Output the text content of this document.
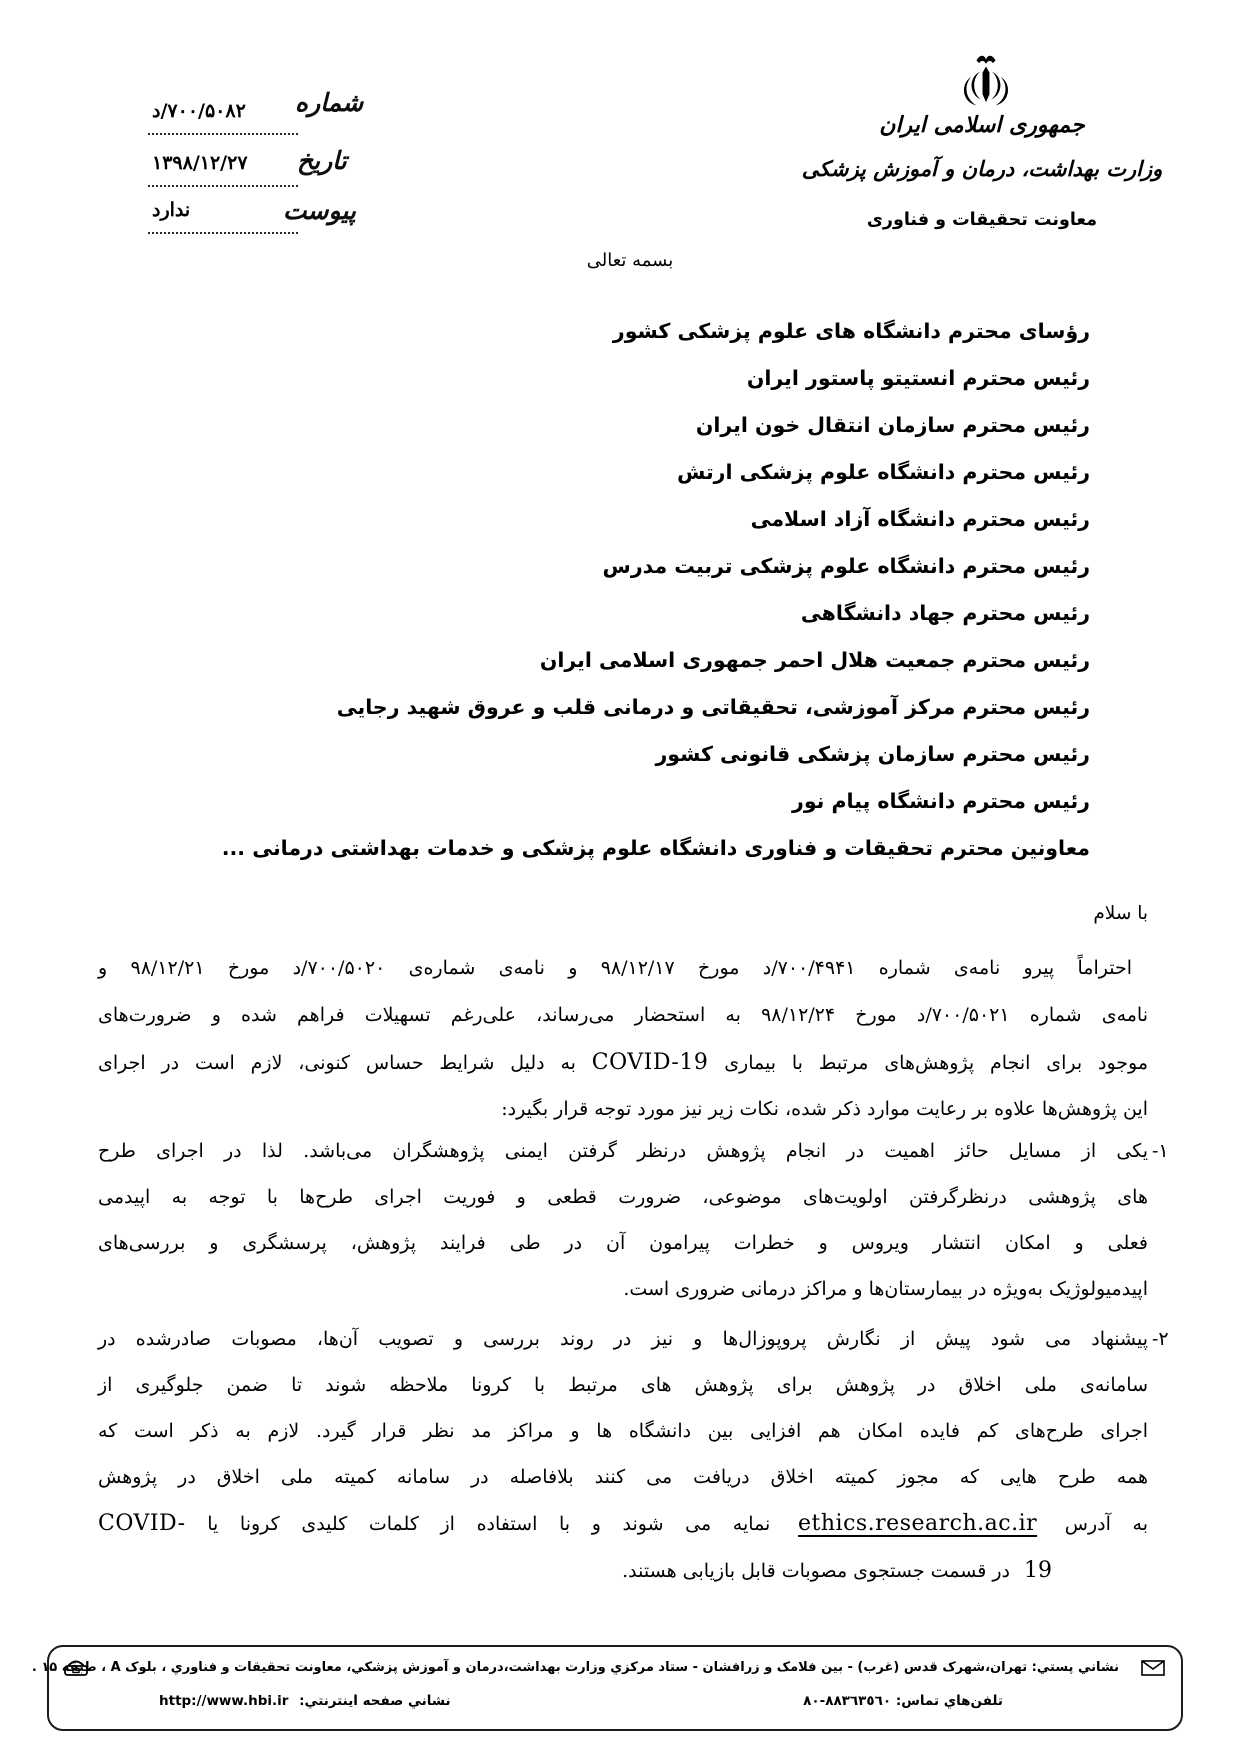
شماره
۷۰۰/۵۰۸۲/د
تاریخ
۱۳۹۸/۱۲/۲۷
پیوست
ندارد
جمهوری اسلامی ایران
وزارت بهداشت، درمان و آموزش پزشکی
معاونت تحقیقات و فناوری
بسمه تعالی
رؤسای محترم دانشگاه های علوم پزشکی کشور
رئیس محترم انستیتو پاستور ایران
رئیس محترم سازمان انتقال خون ایران
رئیس محترم دانشگاه علوم پزشکی ارتش
رئیس محترم دانشگاه آزاد اسلامی
رئیس محترم دانشگاه علوم پزشکی تربیت مدرس
رئیس محترم جهاد دانشگاهی
رئیس محترم جمعیت هلال احمر جمهوری اسلامی ایران
رئیس محترم مرکز آموزشی، تحقیقاتی و درمانی قلب و عروق شهید رجایی
رئیس محترم سازمان پزشکی قانونی کشور
رئیس محترم دانشگاه پیام نور
معاونین محترم تحقیقات و فناوری دانشگاه علوم پزشکی و خدمات بهداشتی درمانی ...
با سلام
احتراماً پیرو نامه‌ی شماره ۷۰۰/۴۹۴۱/د مورخ ۹۸/۱۲/۱۷ و نامه‌ی شماره‌ی ۷۰۰/۵۰۲۰/د مورخ ۹۸/۱۲/۲۱ و
نامه‌ی شماره ۷۰۰/۵۰۲۱/د مورخ ۹۸/۱۲/۲۴ به استحضار می‌رساند، علی‌رغم تسهیلات فراهم شده و ضرورت‌های
موجود برای انجام پژوهش‌های مرتبط با بیماری COVID-19 به دلیل شرایط حساس کنونی، لازم است در اجرای
این پژوهش‌ها علاوه بر رعایت موارد ذکر شده، نکات زیر نیز مورد توجه قرار بگیرد:
۱-
یکی از مسایل حائز اهمیت در انجام پژوهش درنظر گرفتن ایمنی پژوهشگران می‌باشد. لذا در اجرای طرح
های پژوهشی درنظرگرفتن اولویت‌های موضوعی، ضرورت قطعی و فوریت اجرای طرح‌ها با توجه به اپیدمی
فعلی و امکان انتشار ویروس و خطرات پیرامون آن در طی فرایند پژوهش، پرسشگری و بررسی‌های
اپیدمیولوژیک به‌ویژه در بیمارستان‌ها و مراکز درمانی ضروری است.
۲-
پیشنهاد می شود پیش از نگارش پروپوزال‌ها و نیز در روند بررسی و تصویب آن‌ها، مصوبات صادرشده در
سامانه‌ی ملی اخلاق در پژوهش برای پژوهش های مرتبط با کرونا ملاحظه شوند تا ضمن جلوگیری از
اجرای طرح‌های کم فایده امکان هم افزایی بین دانشگاه ها و مراکز مد نظر قرار گیرد. لازم به ذکر است که
همه طرح هایی که مجوز کمیته اخلاق دریافت می کنند بلافاصله در سامانه کمیته ملی اخلاق در پژوهش
به آدرس ethics.research.ac.ir نمایه می شوند و با استفاده از کلمات کلیدی کرونا یا COVID-
19 در قسمت جستجوی مصوبات قابل بازیابی هستند.
نشاني پستي: تهران،شهرک قدس (غرب) - بین فلامک و زرافشان - ستاد مرکزي وزارت بهداشت،درمان و آموزش پزشكي، معاونت تحقیقات و فناوري ، بلوک A ، طبقه ۱۵ .
تلفن‌هاي تماس: ٨٨٣٦٣٥٦٠-٨٠
نشاني صفحه اينترنتي: http://www.hbi.ir
